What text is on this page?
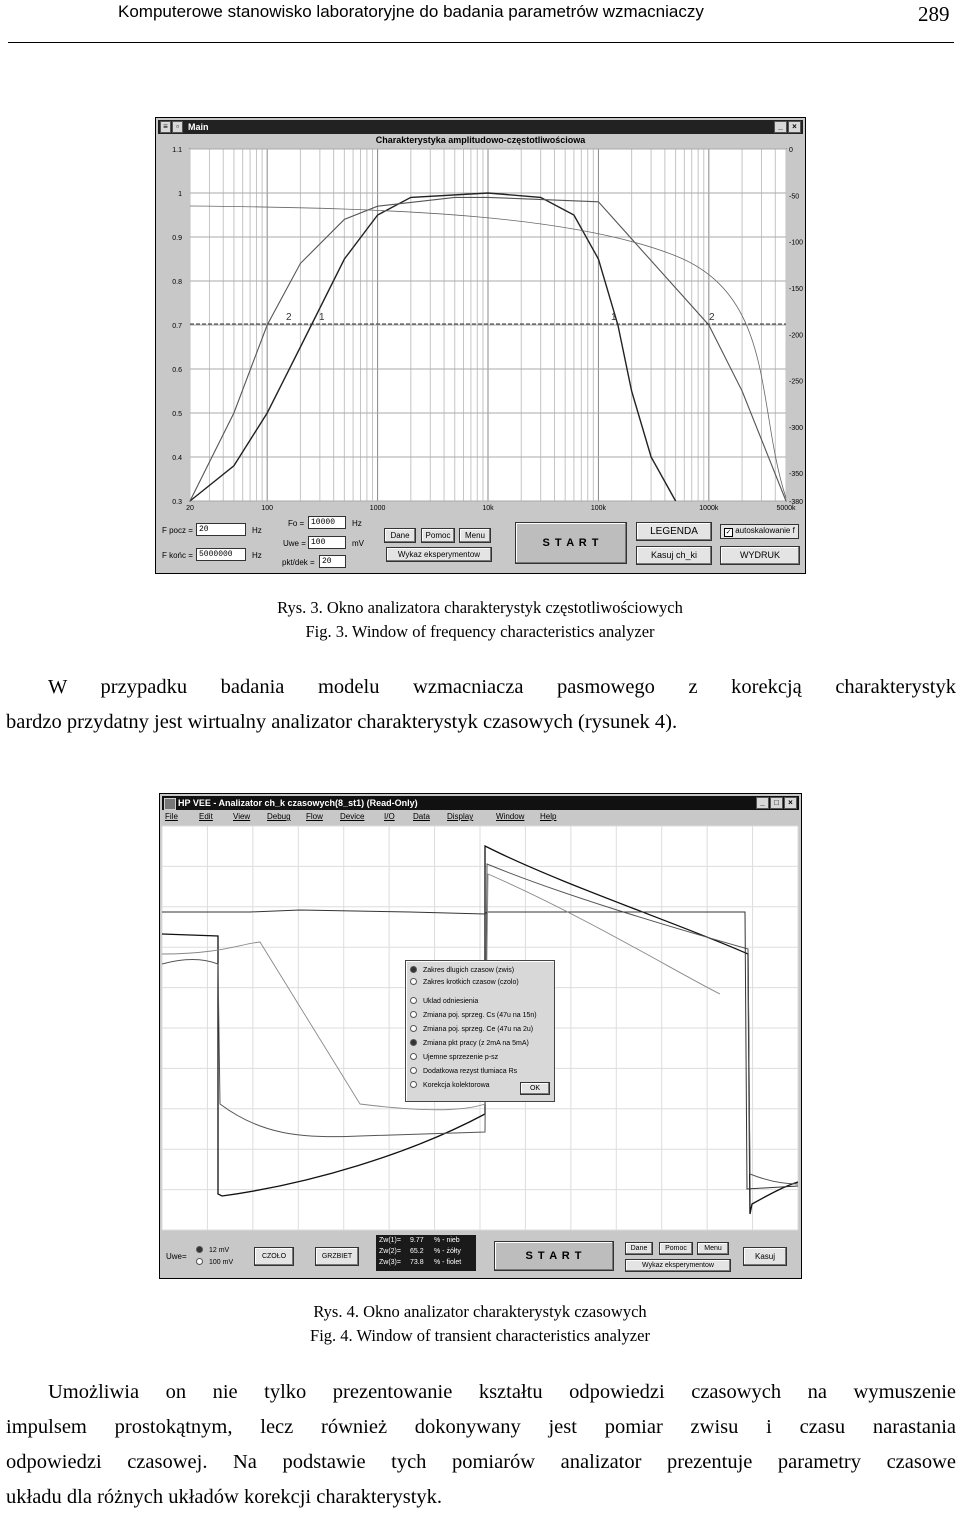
Komputerowe stanowisko laboratoryjne do badania parametrów wzmacniaczy	289
Main
≡	▫	_	×
Charakterystyka amplitudowo-częstotliwościowa
1.1
1
0.9
0.8
0.7
0.6
0.5
0.4
0.3
0
-50
-100
-150
-200
-250
-300
-350
-380
20	100	1000	10k	100k	1000k	5000k
2	1	1	2
F pocz = 20	Hz
F końc = 5000000	Hz
Fo = 10000	Hz
Uwe = 100	mV
pkt/dek = 20
Dane	Pomoc	Menu
Wykaz eksperymentow
S T A R T
LEGENDA	✓ autoskalowanie f
Kasuj ch_ki	WYDRUK
Rys. 3. Okno analizatora charakterystyk częstotliwościowych
Fig. 3. Window of frequency characteristics analyzer
W przypadku badania modelu wzmacniacza pasmowego z korekcją charakterystyk
bardzo przydatny jest wirtualny analizator charakterystyk czasowych (rysunek 4).
HP VEE - Analizator ch_k czasowych(8_st1) (Read-Only)	_	□	×
File	Edit	View Debug Flow Device I/O Data Display	Window Help
Zakres dlugich czasow (zwis)
Zakres krotkich czasow (czolo)
Uklad odniesienia
Zmiana poj. sprzeg. Cs (47u na 15n)
Zmiana poj. sprzeg. Ce (47u na 2u)
Zmiana pkt pracy (z 2mA na 5mA)
Ujemne sprzezenie p-sz
Dodatkowa rezyst tlumiaca Rs
Korekcja kolektorowa	OK
Uwe=
12 mV
100 mV
CZOŁO	GRZBIET
Zw(1)= 9.77 % - nieb
Zw(2)= 65.2 % - żółty
Zw(3)= 73.8 % - fiolet
S T A R T
Dane	Pomoc	Menu
Wykaz eksperymentow
Kasuj
Rys. 4. Okno analizator charakterystyk czasowych
Fig. 4. Window of transient characteristics analyzer
Umożliwia on nie tylko prezentowanie kształtu odpowiedzi czasowych na wymuszenie
impulsem prostokątnym, lecz również dokonywany jest pomiar zwisu i czasu narastania
odpowiedzi czasowej. Na podstawie tych pomiarów analizator prezentuje parametry czasowe
układu dla różnych układów korekcji charakterystyk.
